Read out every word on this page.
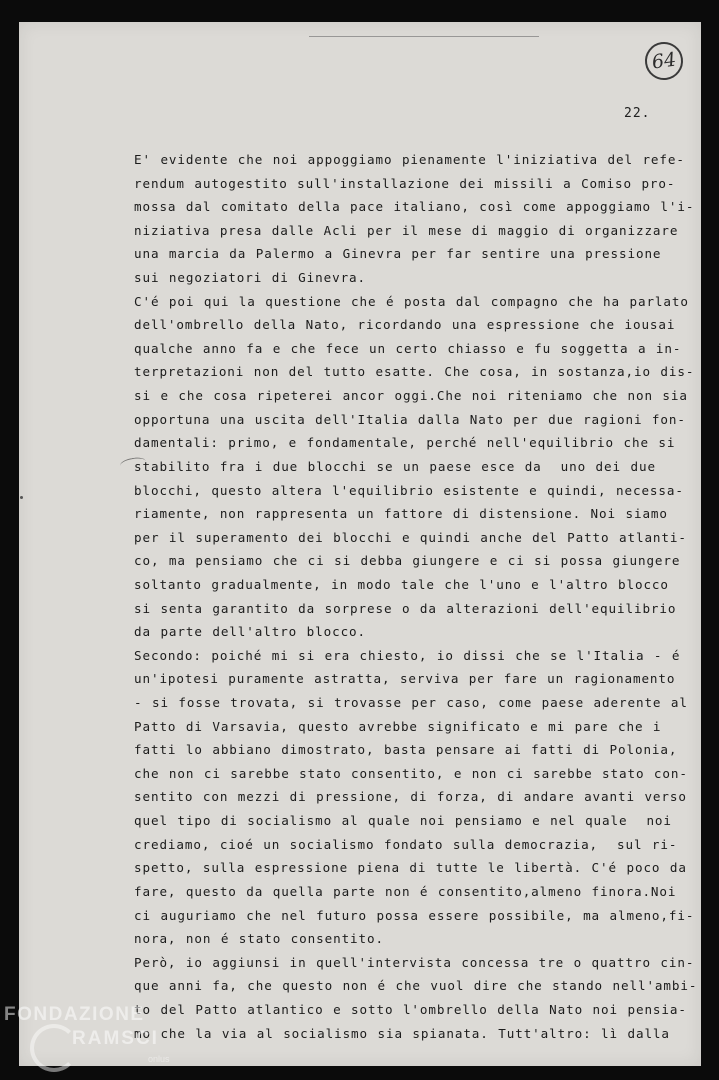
64
22.
E' evidente che noi appoggiamo pienamente l'iniziativa del refe-
rendum autogestito sull'installazione dei missili a Comiso pro-
mossa dal comitato della pace italiano, così come appoggiamo l'i-
niziativa presa dalle Acli per il mese di maggio di organizzare
una marcia da Palermo a Ginevra per far sentire una pressione
sui negoziatori di Ginevra.
C'é poi qui la questione che é posta dal compagno che ha parlato
dell'ombrello della Nato, ricordando una espressione che iousai
qualche anno fa e che fece un certo chiasso e fu soggetta a in-
terpretazioni non del tutto esatte. Che cosa, in sostanza,io dis-
si e che cosa ripeterei ancor oggi.Che noi riteniamo che non sia
opportuna una uscita dell'Italia dalla Nato per due ragioni fon-
damentali: primo, e fondamentale, perché nell'equilibrio che si
stabilito fra i due blocchi se un paese esce da  uno dei due
blocchi, questo altera l'equilibrio esistente e quindi, necessa-
riamente, non rappresenta un fattore di distensione. Noi siamo
per il superamento dei blocchi e quindi anche del Patto atlanti-
co, ma pensiamo che ci si debba giungere e ci si possa giungere
soltanto gradualmente, in modo tale che l'uno e l'altro blocco
si senta garantito da sorprese o da alterazioni dell'equilibrio
da parte dell'altro blocco.
Secondo: poiché mi si era chiesto, io dissi che se l'Italia - é
un'ipotesi puramente astratta, serviva per fare un ragionamento
- si fosse trovata, si trovasse per caso, come paese aderente al
Patto di Varsavia, questo avrebbe significato e mi pare che i
fatti lo abbiano dimostrato, basta pensare ai fatti di Polonia,
che non ci sarebbe stato consentito, e non ci sarebbe stato con-
sentito con mezzi di pressione, di forza, di andare avanti verso
quel tipo di socialismo al quale noi pensiamo e nel quale  noi
crediamo, cioé un socialismo fondato sulla democrazia,  sul ri-
spetto, sulla espressione piena di tutte le libertà. C'é poco da
fare, questo da quella parte non é consentito,almeno finora.Noi
ci auguriamo che nel futuro possa essere possibile, ma almeno,fi-
nora, non é stato consentito.
Però, io aggiunsi in quell'intervista concessa tre o quattro cin-
que anni fa, che questo non é che vuol dire che stando nell'ambi-
to del Patto atlantico e sotto l'ombrello della Nato noi pensia-
mo che la via al socialismo sia spianata. Tutt'altro: lì dalla
FONDAZIONE
RAMSCI
onlus
